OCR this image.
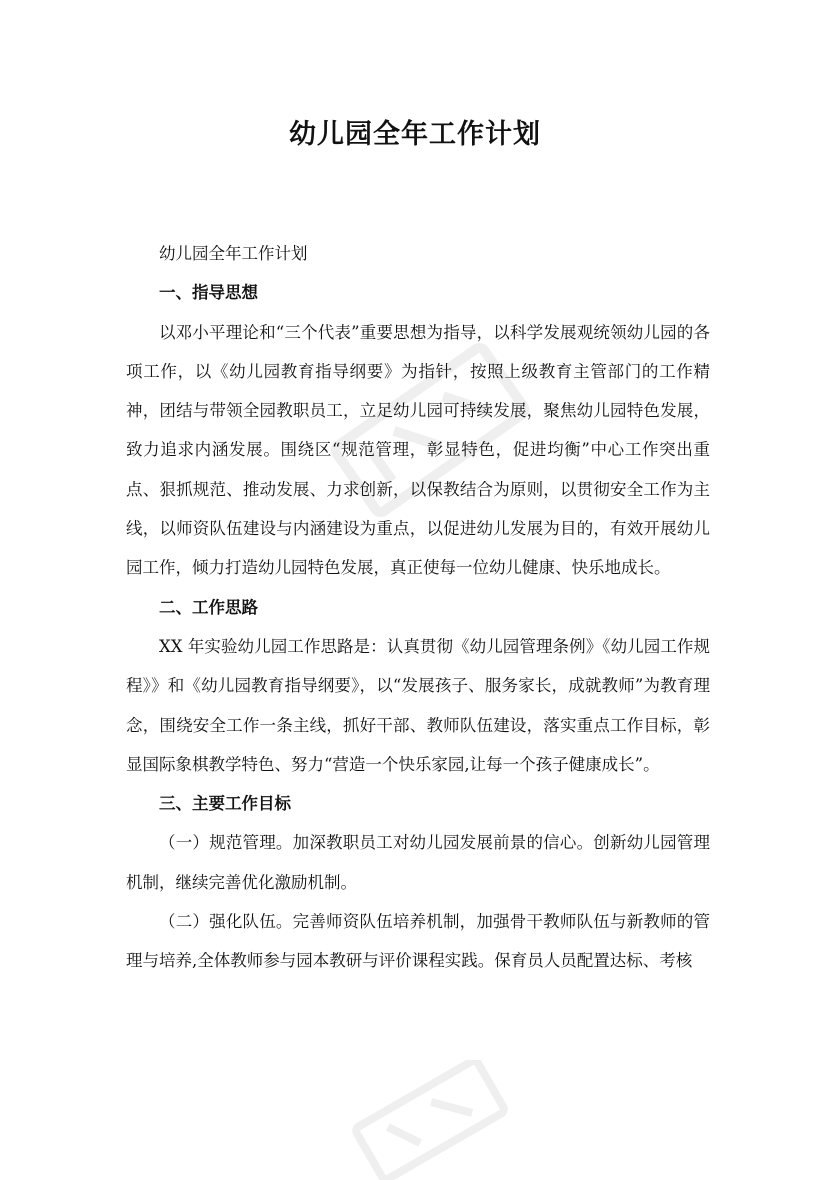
幼儿园全年工作计划

幼儿园全年工作计划

一、指导思想

以邓小平理论和“三个代表”重要思想为指导，以科学发展观统领幼儿园的各项工作，以《幼儿园教育指导纲要》为指针，按照上级教育主管部门的工作精神，团结与带领全园教职员工，立足幼儿园可持续发展，聚焦幼儿园特色发展，致力追求内涵发展。围绕区“规范管理，彰显特色，促进均衡”中心工作突出重点、狠抓规范、推动发展、力求创新，以保教结合为原则，以贯彻安全工作为主线，以师资队伍建设与内涵建设为重点，以促进幼儿发展为目的，有效开展幼儿园工作，倾力打造幼儿园特色发展，真正使每一位幼儿健康、快乐地成长。

二、工作思路

XX 年实验幼儿园工作思路是：认真贯彻《幼儿园管理条例》《幼儿园工作规程》》和《幼儿园教育指导纲要》，以“发展孩子、服务家长，成就教师”为教育理念，围绕安全工作一条主线，抓好干部、教师队伍建设，落实重点工作目标，彰显国际象棋教学特色、努力“营造一个快乐家园,让每一个孩子健康成长”。

三、主要工作目标

（一）规范管理。加深教职员工对幼儿园发展前景的信心。创新幼儿园管理机制，继续完善优化激励机制。

（二）强化队伍。完善师资队伍培养机制，加强骨干教师队伍与新教师的管理与培养,全体教师参与园本教研与评价课程实践。保育员人员配置达标、考核
